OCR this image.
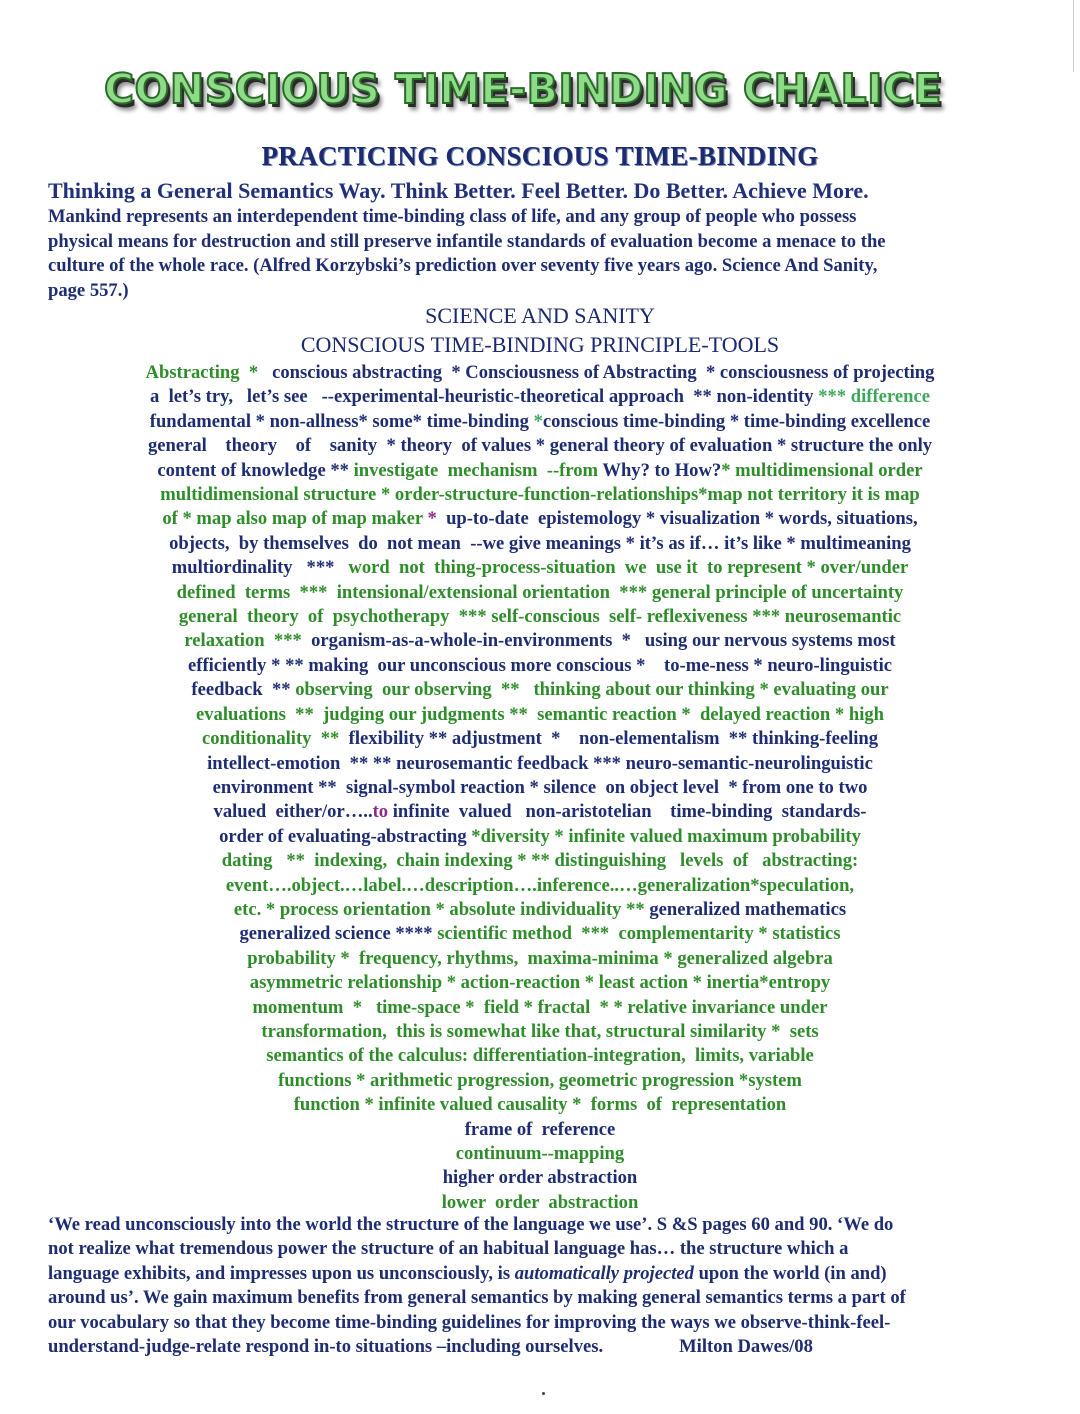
CONSCIOUS TIME-BINDING CHALICE
PRACTICING CONSCIOUS TIME-BINDING
Thinking a General Semantics Way. Think Better. Feel Better. Do Better. Achieve More.
Mankind represents an interdependent time-binding class of life, and any group of people who possess
physical means for destruction and still preserve infantile standards of evaluation become a menace to the
culture of the whole race. (Alfred Korzybski’s prediction over seventy five years ago. Science And Sanity,
page 557.)
SCIENCE AND SANITY
CONSCIOUS TIME-BINDING PRINCIPLE-TOOLS
Abstracting  *   conscious abstracting  * Consciousness of Abstracting  * consciousness of projecting
a  let’s try,   let’s see   --experimental-heuristic-theoretical approach  ** non-identity *** difference
fundamental * non-allness* some* time-binding *conscious time-binding * time-binding excellence
general    theory    of    sanity  * theory  of values * general theory of evaluation * structure the only
content of knowledge ** investigate  mechanism  --from Why? to How?* multidimensional order
multidimensional structure * order-structure-function-relationships*map not territory it is map
of * map also map of map maker *  up-to-date  epistemology * visualization * words, situations,
objects,  by themselves  do  not mean  --we give meanings * it’s as if… it’s like * multimeaning
multiordinality   ***   word  not  thing-process-situation  we  use it  to represent * over/under
defined  terms  ***  intensional/extensional orientation  *** general principle of uncertainty
general  theory  of  psychotherapy  *** self-conscious  self- reflexiveness *** neurosemantic
relaxation  ***  organism-as-a-whole-in-environments  *   using our nervous systems most
efficiently * ** making  our unconscious more conscious *    to-me-ness * neuro-linguistic
feedback  ** observing  our observing  **   thinking about our thinking * evaluating our
evaluations  **  judging our judgments **  semantic reaction *  delayed reaction * high
conditionality  **  flexibility ** adjustment  *    non-elementalism  ** thinking-feeling
intellect-emotion  ** ** neurosemantic feedback *** neuro-semantic-neurolinguistic
environment **  signal-symbol reaction * silence  on object level  * from one to two
valued  either/or…..to infinite  valued   non-aristotelian    time-binding  standards-
order of evaluating-abstracting *diversity * infinite valued maximum probability
dating   **  indexing,  chain indexing * ** distinguishing   levels  of   abstracting:
event….object.…label.…description….inference..…generalization*speculation,
etc. * process orientation * absolute individuality ** generalized mathematics
generalized science **** scientific method  ***  complementarity * statistics
probability *  frequency, rhythms,  maxima-minima * generalized algebra
asymmetric relationship * action-reaction * least action * inertia*entropy
momentum  *   time-space *  field * fractal  * * relative invariance under
transformation,  this is somewhat like that, structural similarity *  sets
semantics of the calculus: differentiation-integration,  limits, variable
functions * arithmetic progression, geometric progression *system
function * infinite valued causality *  forms  of  representation
frame of  reference
continuum--mapping
higher order abstraction
lower  order  abstraction
‘We read unconsciously into the world the structure of the language we use’. S &S pages 60 and 90. ‘We do
not realize what tremendous power the structure of an habitual language has… the structure which a
language exhibits, and impresses upon us unconsciously, is automatically projected upon the world (in and)
around us’. We gain maximum benefits from general semantics by making general semantics terms a part of
our vocabulary so that they become time-binding guidelines for improving the ways we observe-think-feel-
understand-judge-relate respond in-to situations –including ourselves.	Milton Dawes/08
